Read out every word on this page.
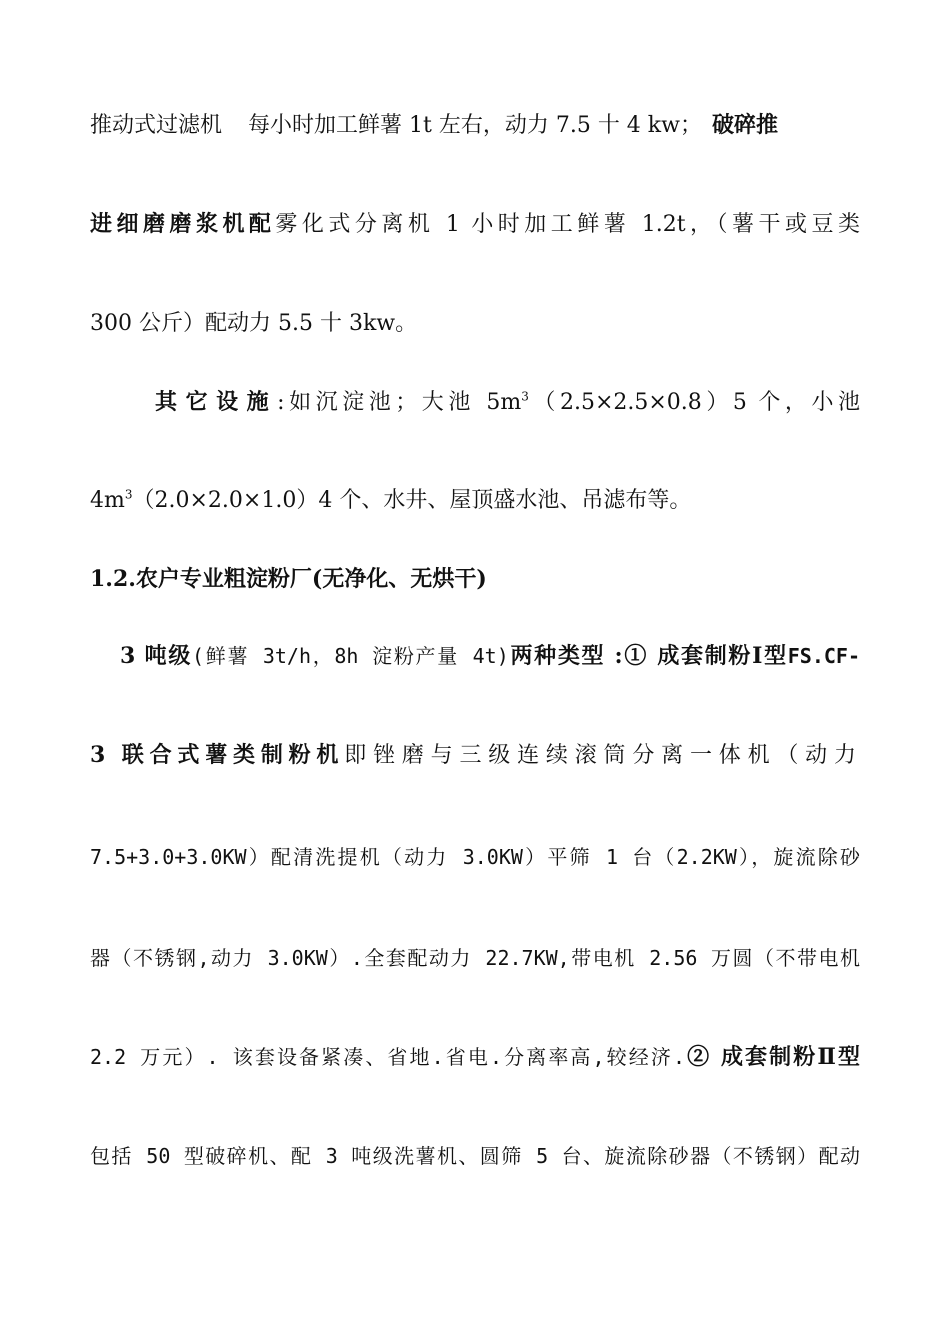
推动式过滤机 每小时加工鲜薯 1t 左右，动力 7.5 十 4 kw； 破碎推
进细磨磨浆机配雾化式分离机 1 小时加工鲜薯 1.2t，（薯干或豆类
300 公斤）配动力 5.5 十 3kw。
其它设施:如沉淀池；大池 $5m^3(2.5\times 2.5\times 0.8)5$ 个，小池
$4m^3(2.0\times 2.0\times 1.0)4$ 个、水井、屋顶盛水池、吊滤布等。
1.2.农户专业粗淀粉厂(无净化、无烘干)
3 吨级(鲜薯 3t/h，8h 淀粉产量 4t)两种类型 :① 成套制粉Ⅰ型FS.CF-
3 联合式薯类制粉机即锉磨与三级连续滚筒分离一体机（动力
7.5+3.0+3.0KW）配清洗提机（动力 3.0KW）平筛 1 台（2.2KW），旋流除砂
器（不锈钢,动力 3.0KW）.全套配动力 22.7KW,带电机 2.56 万圆（不带电机
2.2 万元）. 该套设备紧凑、省地.省电.分离率高,较经济.② 成套制粉Ⅱ型
包括 50 型破碎机、配 3 吨级洗薯机、圆筛 5 台、旋流除砂器（不锈钢）配动
